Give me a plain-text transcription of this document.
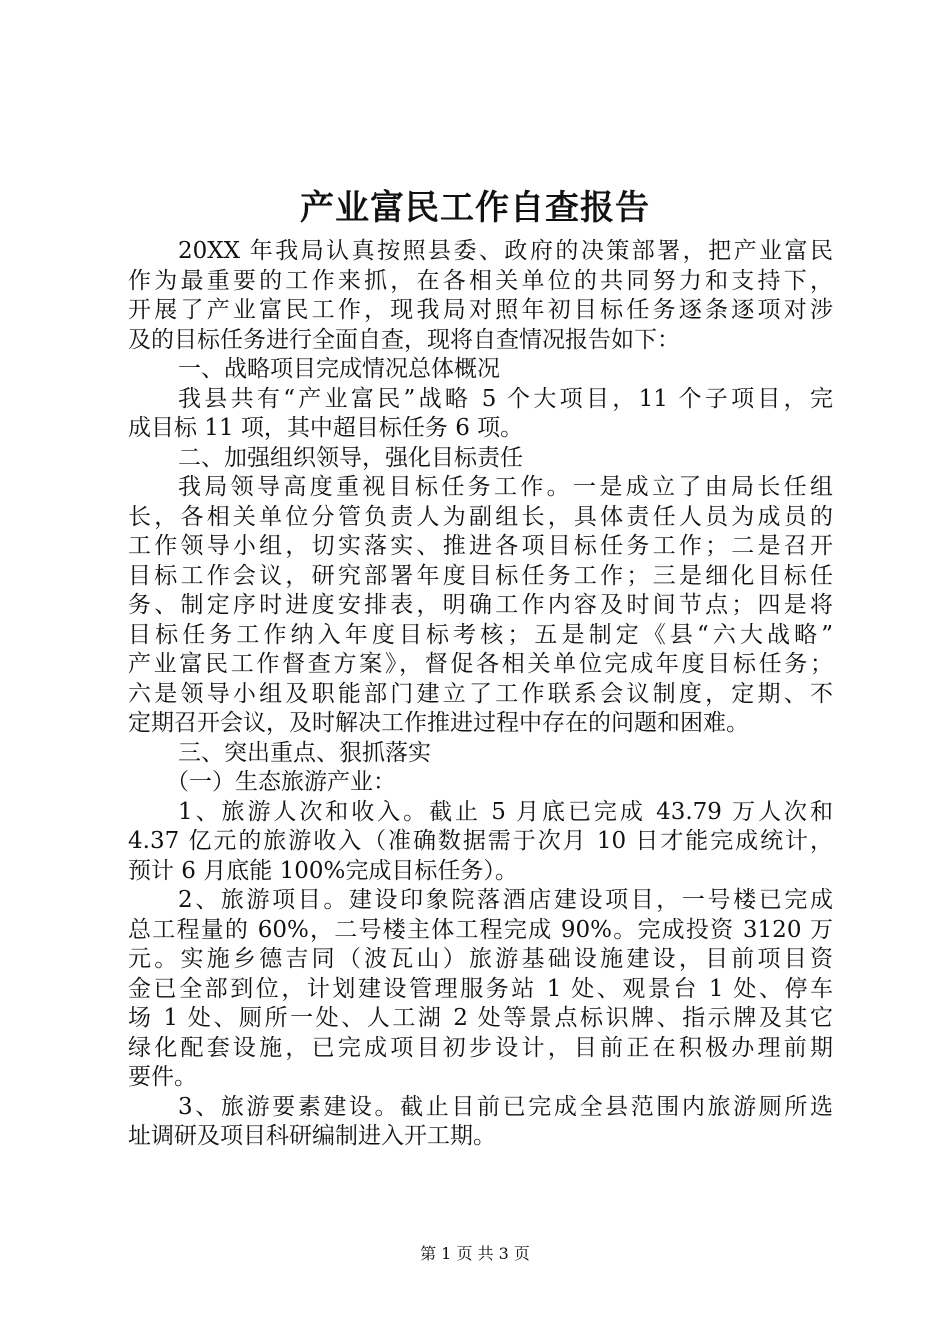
产业富民工作自查报告
20XX 年我局认真按照县委、政府的决策部署，把产业富民
作为最重要的工作来抓，在各相关单位的共同努力和支持下，
开展了产业富民工作，现我局对照年初目标任务逐条逐项对涉
及的目标任务进行全面自查，现将自查情况报告如下：
一、战略项目完成情况总体概况
我县共有“产业富民”战略 5 个大项目，11 个子项目，完
成目标 11 项，其中超目标任务 6 项。
二、加强组织领导，强化目标责任
我局领导高度重视目标任务工作。一是成立了由局长任组
长，各相关单位分管负责人为副组长，具体责任人员为成员的
工作领导小组，切实落实、推进各项目标任务工作；二是召开
目标工作会议，研究部署年度目标任务工作；三是细化目标任
务、制定序时进度安排表，明确工作内容及时间节点；四是将
目标任务工作纳入年度目标考核；五是制定《县“六大战略”
产业富民工作督查方案》，督促各相关单位完成年度目标任务；
六是领导小组及职能部门建立了工作联系会议制度，定期、不
定期召开会议，及时解决工作推进过程中存在的问题和困难。
三、突出重点、狠抓落实
（一）生态旅游产业：
1、旅游人次和收入。截止 5 月底已完成 43.79 万人次和
4.37 亿元的旅游收入（准确数据需于次月 10 日才能完成统计，
预计 6 月底能 100%完成目标任务）。
2、旅游项目。建设印象院落酒店建设项目，一号楼已完成
总工程量的 60%，二号楼主体工程完成 90%。完成投资 3120 万
元。实施乡德吉同（波瓦山）旅游基础设施建设，目前项目资
金已全部到位，计划建设管理服务站 1 处、观景台 1 处、停车
场 1 处、厕所一处、人工湖 2 处等景点标识牌、指示牌及其它
绿化配套设施，已完成项目初步设计，目前正在积极办理前期
要件。
3、旅游要素建设。截止目前已完成全县范围内旅游厕所选
址调研及项目科研编制进入开工期。
第 1 页 共 3 页
